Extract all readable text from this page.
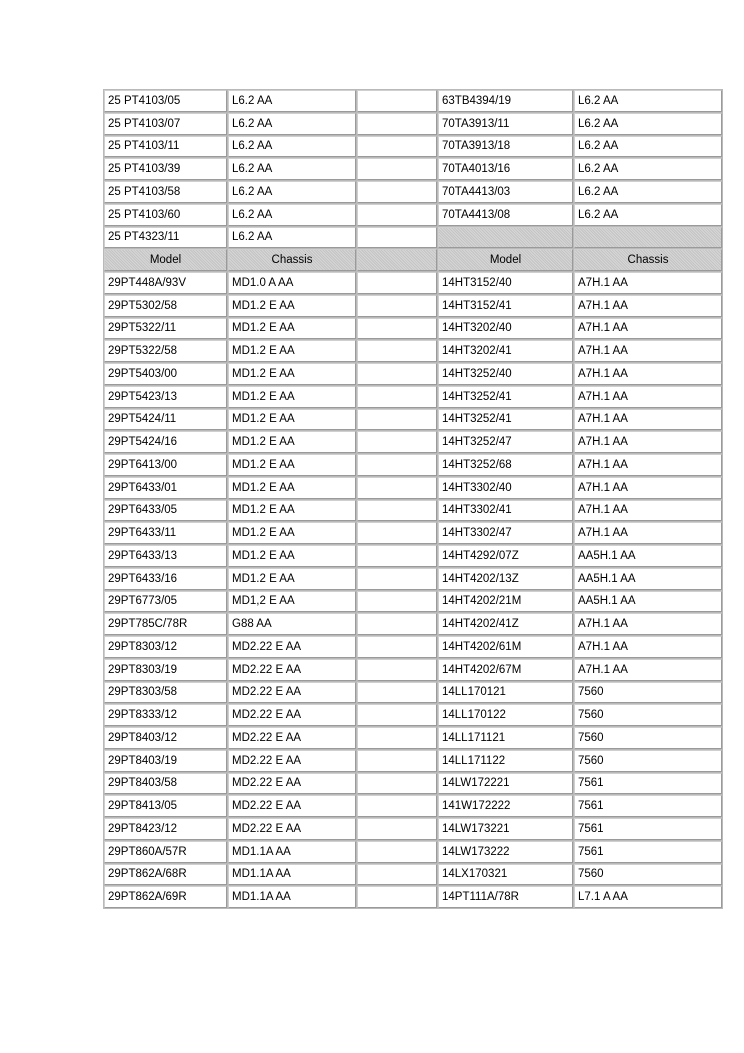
25 PT4103/05	L6.2 AA		63TB4394/19	L6.2 AA
25 PT4103/07	L6.2 AA		70TA3913/11	L6.2 AA
25 PT4103/11	L6.2 AA		70TA3913/18	L6.2 AA
25 PT4103/39	L6.2 AA		70TA4013/16	L6.2 AA
25 PT4103/58	L6.2 AA		70TA4413/03	L6.2 AA
25 PT4103/60	L6.2 AA		70TA4413/08	L6.2 AA
25 PT4323/11	L6.2 AA			
Model	Chassis		Model	Chassis
29PT448A/93V	MD1.0 A AA		14HT3152/40	A7H.1 AA
29PT5302/58	MD1.2 E AA		14HT3152/41	A7H.1 AA
29PT5322/11	MD1.2 E AA		14HT3202/40	A7H.1 AA
29PT5322/58	MD1.2 E AA		14HT3202/41	A7H.1 AA
29PT5403/00	MD1.2 E AA		14HT3252/40	A7H.1 AA
29PT5423/13	MD1.2 E AA		14HT3252/41	A7H.1 AA
29PT5424/11	MD1.2 E AA		14HT3252/41	A7H.1 AA
29PT5424/16	MD1.2 E AA		14HT3252/47	A7H.1 AA
29PT6413/00	MD1.2 E AA		14HT3252/68	A7H.1 AA
29PT6433/01	MD1.2 E AA		14HT3302/40	A7H.1 AA
29PT6433/05	MD1.2 E AA		14HT3302/41	A7H.1 AA
29PT6433/11	MD1.2 E AA		14HT3302/47	A7H.1 AA
29PT6433/13	MD1.2 E AA		14HT4292/07Z	AA5H.1 AA
29PT6433/16	MD1.2 E AA		14HT4202/13Z	AA5H.1 AA
29PT6773/05	MD1,2 E AA		14HT4202/21M	AA5H.1 AA
29PT785C/78R	G88 AA		14HT4202/41Z	A7H.1 AA
29PT8303/12	MD2.22 E AA		14HT4202/61M	A7H.1 AA
29PT8303/19	MD2.22 E AA		14HT4202/67M	A7H.1 AA
29PT8303/58	MD2.22 E AA		14LL170121	7560
29PT8333/12	MD2.22 E AA		14LL170122	7560
29PT8403/12	MD2.22 E AA		14LL171121	7560
29PT8403/19	MD2.22 E AA		14LL171122	7560
29PT8403/58	MD2.22 E AA		14LW172221	7561
29PT8413/05	MD2.22 E AA		141W172222	7561
29PT8423/12	MD2.22 E AA		14LW173221	7561
29PT860A/57R	MD1.1A AA		14LW173222	7561
29PT862A/68R	MD1.1A AA		14LX170321	7560
29PT862A/69R	MD1.1A AA		14PT111A/78R	L7.1 A AA
